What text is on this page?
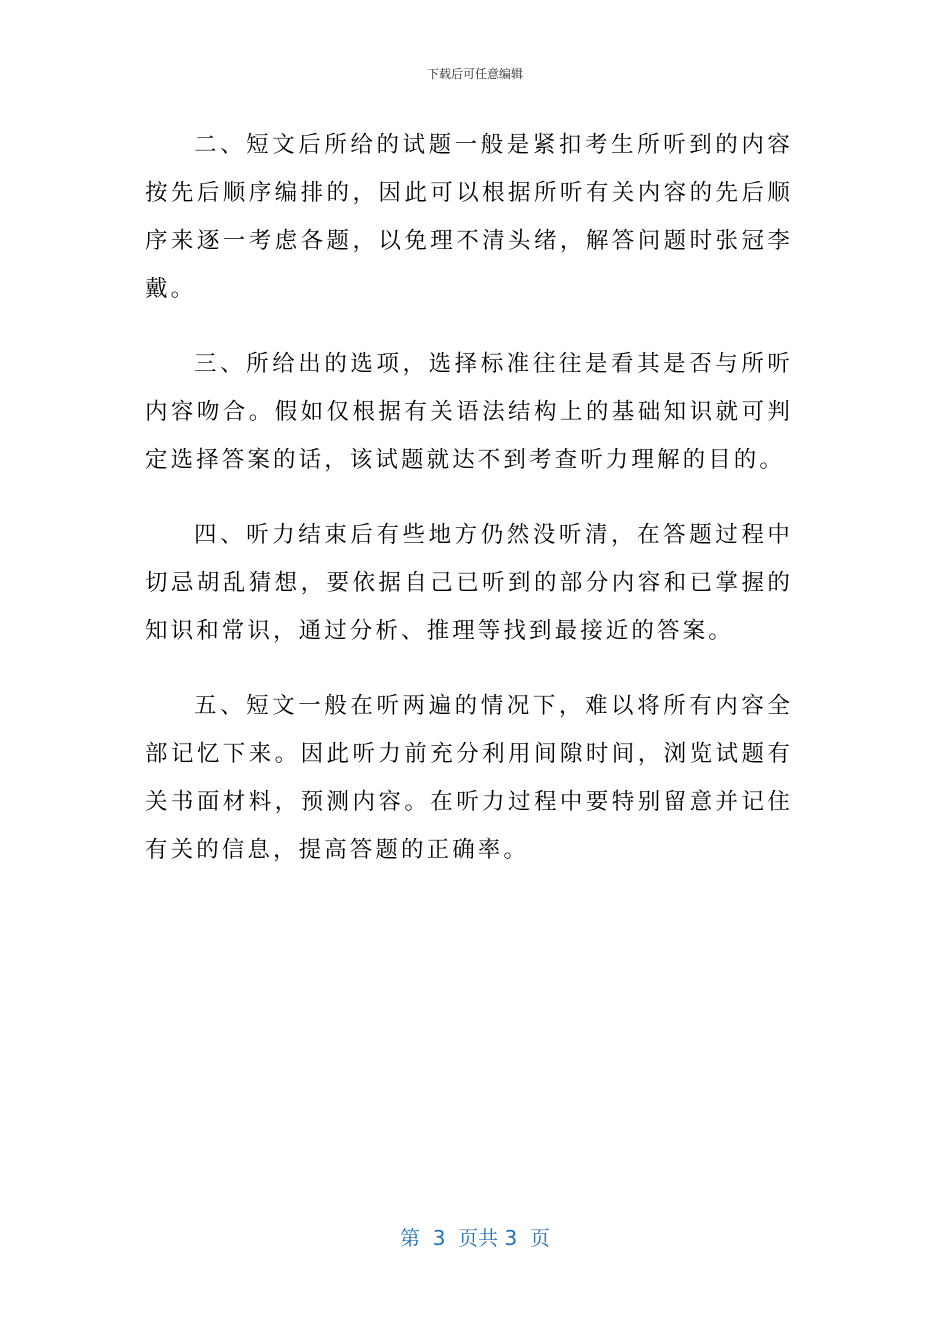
下载后可任意编辑

二、短文后所给的试题一般是紧扣考生所听到的内容按先后顺序编排的，因此可以根据所听有关内容的先后顺序来逐一考虑各题，以免理不清头绪，解答问题时张冠李戴。

三、所给出的选项，选择标准往往是看其是否与所听内容吻合。假如仅根据有关语法结构上的基础知识就可判定选择答案的话，该试题就达不到考查听力理解的目的。

四、听力结束后有些地方仍然没听清，在答题过程中切忌胡乱猜想，要依据自己已听到的部分内容和已掌握的知识和常识，通过分析、推理等找到最接近的答案。

五、短文一般在听两遍的情况下，难以将所有内容全部记忆下来。因此听力前充分利用间隙时间，浏览试题有关书面材料，预测内容。在听力过程中要特别留意并记住有关的信息，提高答题的正确率。

第 3 页共 3 页
